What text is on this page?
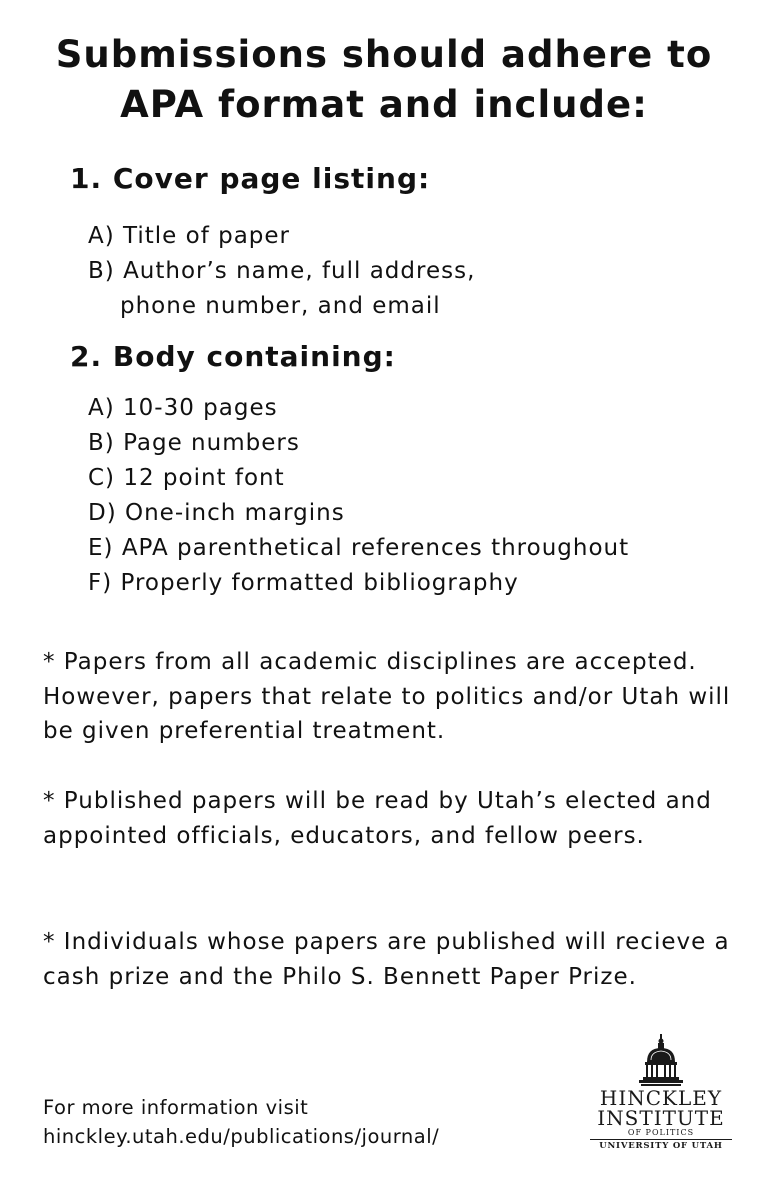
Submissions should adhere to
APA format and include:
1. Cover page listing:
A) Title of paper
B) Author’s name, full address,
phone number, and email
2. Body containing:
A) 10-30 pages
B) Page numbers
C) 12 point font
D) One-inch margins
E) APA parenthetical references throughout
F) Properly formatted bibliography
* Papers from all academic disciplines are accepted. However, papers that relate to politics and/or Utah will be given preferential treatment.
* Published papers will be read by Utah’s elected and appointed officials, educators, and fellow peers.
* Individuals whose papers are published will recieve a cash prize and the Philo S. Bennett Paper Prize.
For more information visit
hinckley.utah.edu/publications/journal/
HINCKLEY
INSTITUTE
OF POLITICS
UNIVERSITY OF UTAH
